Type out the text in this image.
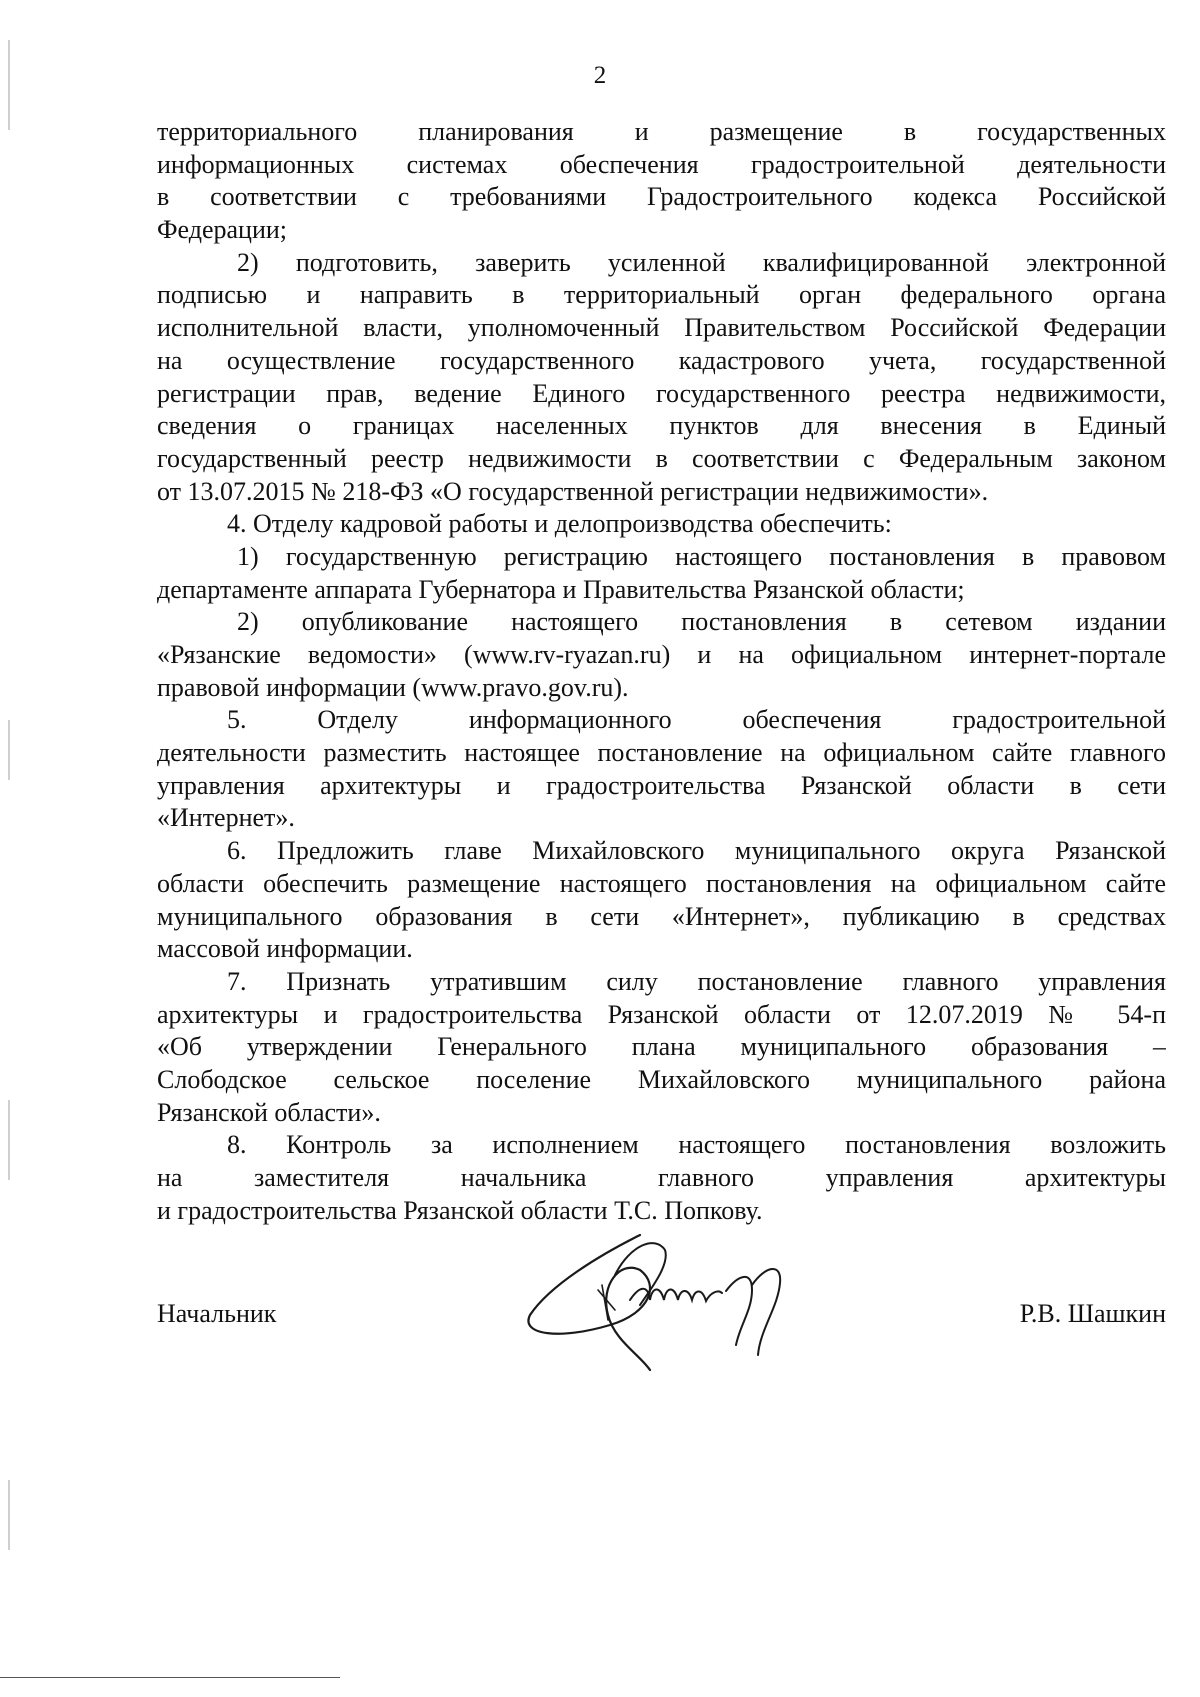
2
территориального планирования и размещение в государственных
информационных системах обеспечения градостроительной деятельности
в соответствии с требованиями Градостроительного кодекса Российской
Федерации;
2) подготовить, заверить усиленной квалифицированной электронной
подписью и направить в территориальный орган федерального органа
исполнительной власти, уполномоченный Правительством Российской Федерации
на осуществление государственного кадастрового учета, государственной
регистрации прав, ведение Единого государственного реестра недвижимости,
сведения о границах населенных пунктов для внесения в Единый
государственный реестр недвижимости в соответствии с Федеральным законом
от 13.07.2015 № 218-ФЗ «О государственной регистрации недвижимости».
4. Отделу кадровой работы и делопроизводства обеспечить:
1) государственную регистрацию настоящего постановления в правовом
департаменте аппарата Губернатора и Правительства Рязанской области;
2) опубликование настоящего постановления в сетевом издании
«Рязанские ведомости» (www.rv-ryazan.ru) и на официальном интернет-портале
правовой информации (www.pravo.gov.ru).
5. Отделу информационного обеспечения градостроительной
деятельности разместить настоящее постановление на официальном сайте главного
управления архитектуры и градостроительства Рязанской области в сети
«Интернет».
6. Предложить главе Михайловского муниципального округа Рязанской
области обеспечить размещение настоящего постановления на официальном сайте
муниципального образования в сети «Интернет», публикацию в средствах
массовой информации.
7. Признать утратившим силу постановление главного управления
архитектуры и градостроительства Рязанской области от 12.07.2019 № 54-п
«Об утверждении Генерального плана муниципального образования –
Слободское сельское поселение Михайловского муниципального района
Рязанской области».
8. Контроль за исполнением настоящего постановления возложить
на заместителя начальника главного управления архитектуры
и градостроительства Рязанской области Т.С. Попкову.
Начальник	Р.В. Шашкин
